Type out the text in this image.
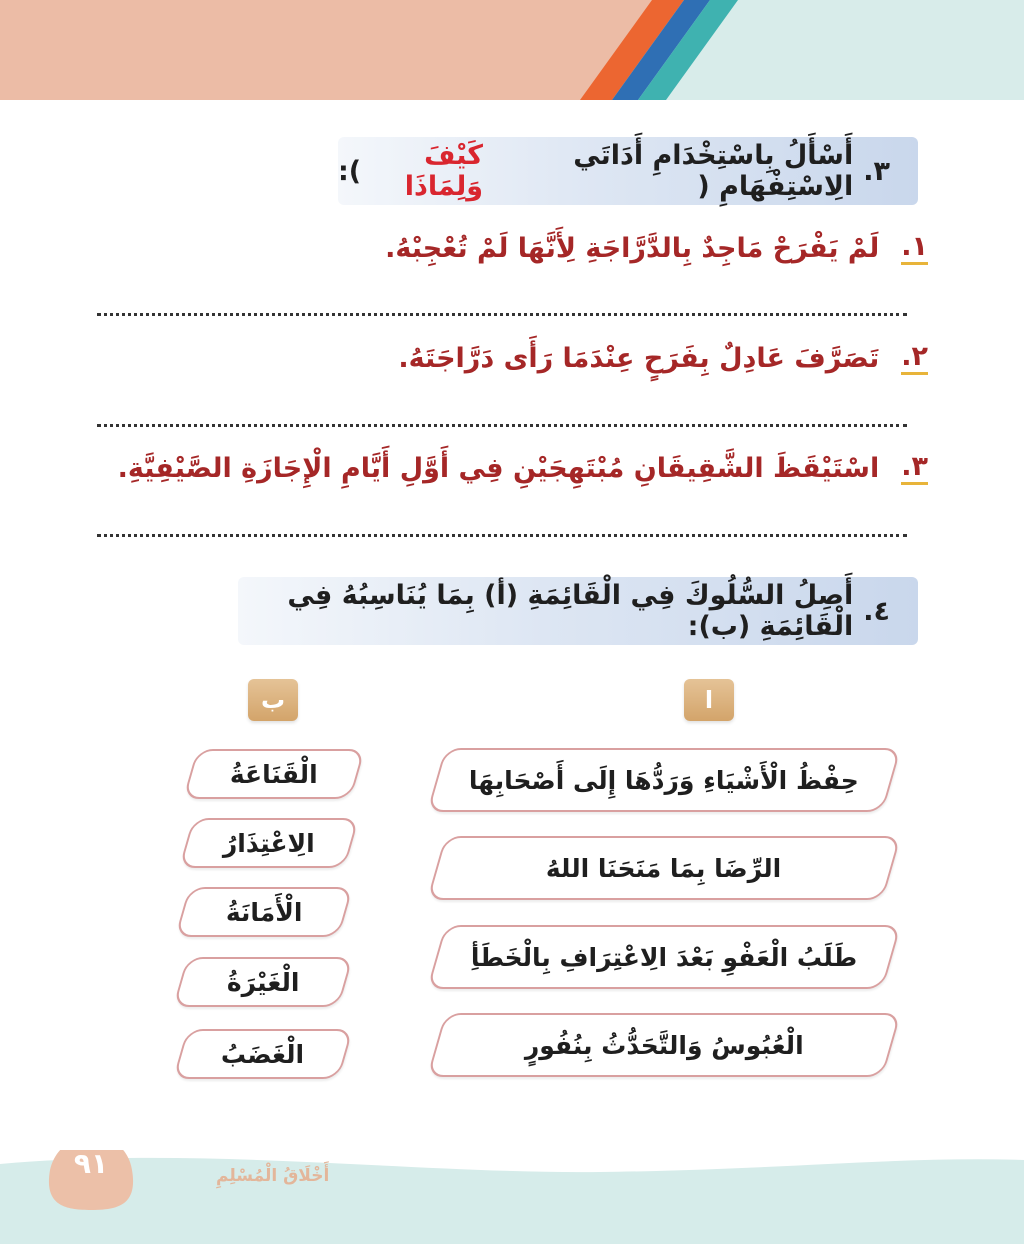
٣.
أَسْأَلُ بِاسْتِخْدَامِ أَدَاتَي الِاسْتِفْهَامِ (
كَيْفَ وَلِمَاذَا
):
١.
لَمْ يَفْرَحْ مَاجِدٌ بِالدَّرَّاجَةِ لِأَنَّهَا لَمْ تُعْجِبْهُ.
٢.
تَصَرَّفَ عَادِلٌ بِفَرَحٍ عِنْدَمَا رَأَى دَرَّاجَتَهُ.
٣.
اسْتَيْقَظَ الشَّقِيقَانِ مُبْتَهِجَيْنِ فِي أَوَّلِ أَيَّامِ الْإِجَازَةِ الصَّيْفِيَّةِ.
٤.
أَصِلُ السُّلُوكَ فِي الْقَائِمَةِ (أ) بِمَا يُنَاسِبُهُ فِي الْقَائِمَةِ (ب):
ب	ا
حِفْظُ الْأَشْيَاءِ وَرَدُّهَا إِلَى أَصْحَابِهَا
الرِّضَا بِمَا مَنَحَنَا اللهُ
طَلَبُ الْعَفْوِ بَعْدَ الِاعْتِرَافِ بِالْخَطَأِ
الْعُبُوسُ وَالتَّحَدُّثُ بِنُفُورٍ
الْقَنَاعَةُ
الِاعْتِذَارُ
الْأَمَانَةُ
الْغَيْرَةُ
الْغَضَبُ
٩١	أَخْلَاقُ الْمُسْلِمِ
